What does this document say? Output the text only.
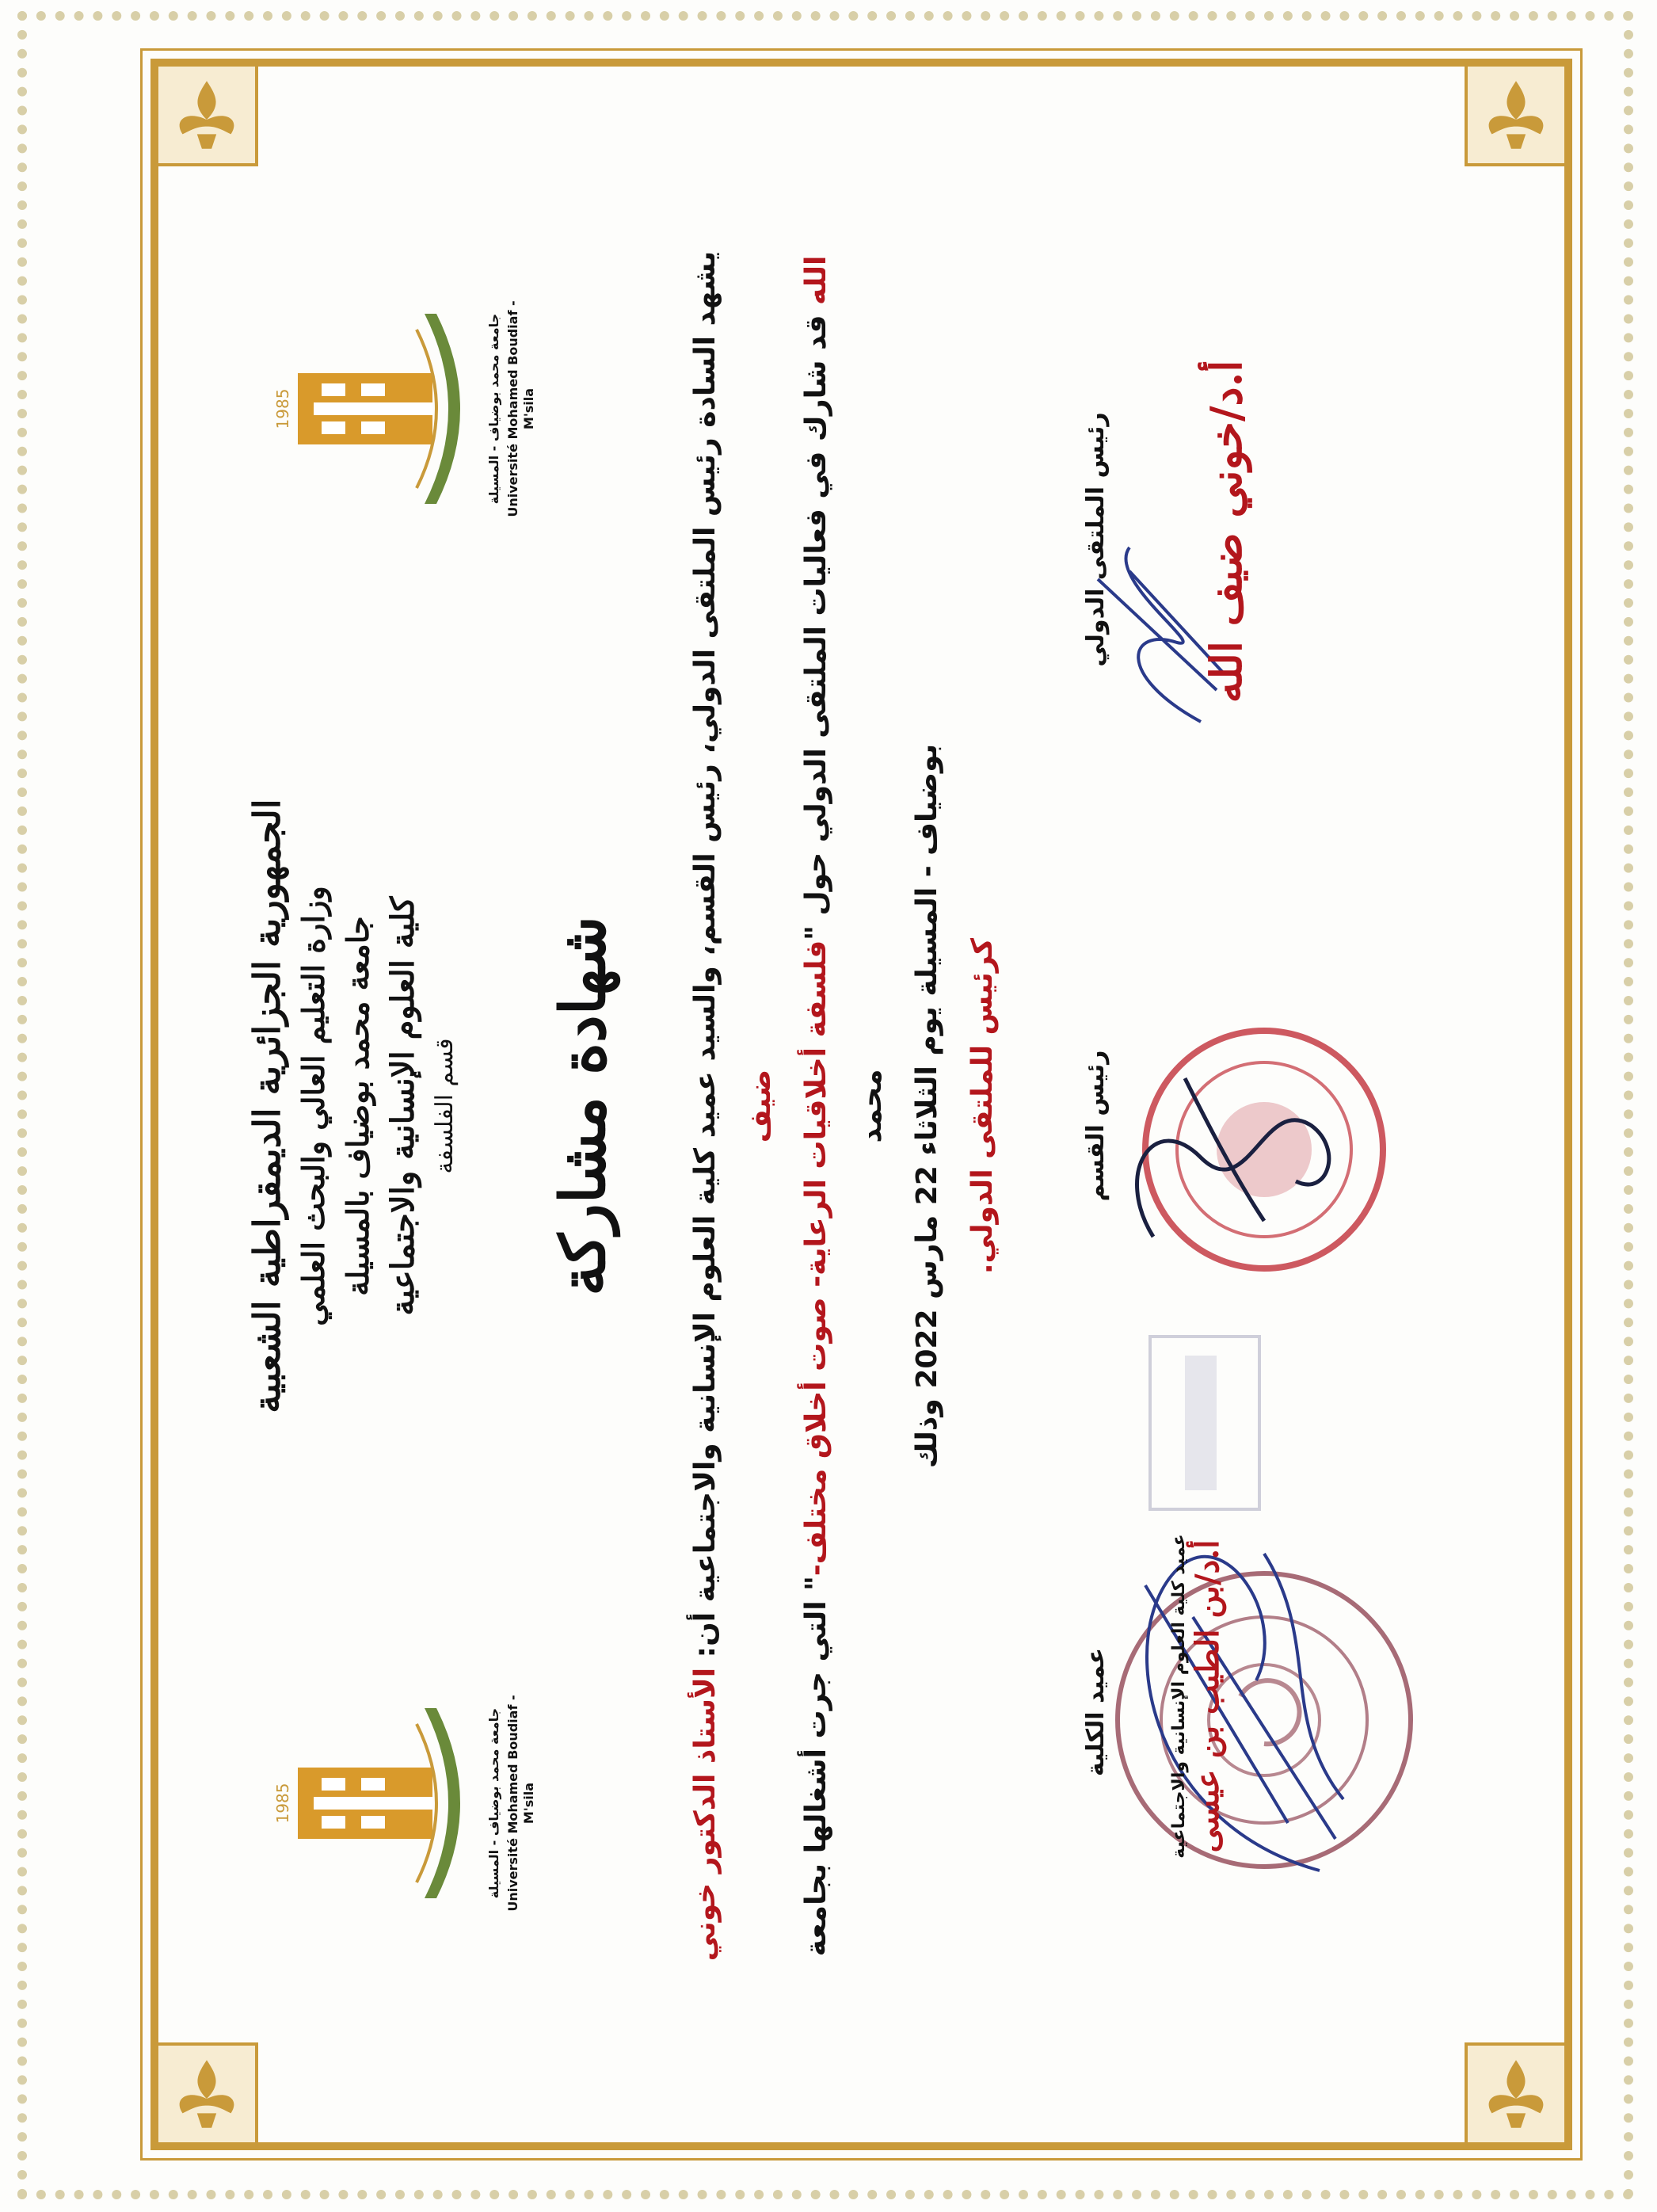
1985	جامعة محمد بوضياف - المسيلة Université Mohamed Boudiaf - M'sila
1985	جامعة محمد بوضياف - المسيلة Université Mohamed Boudiaf - M'sila
الجمهورية الجزائرية الديمقراطية الشعبية وزارة التعليم العالي والبحث العلمي جامعة محمد بوضياف بالمسيلة كلية العلوم الإنسانية والاجتماعية قسم الفلسفة شهادة مشاركة	يشهد السادة رئيس الملتقى الدولي، رئيس القسم، والسيد عميد كلية العلوم الإنسانية والاجتماعية أن: الأستاذ الدكتور خوني ضيف
الله قد شارك في فعاليات الملتقى الدولي حول "فلسفة أخلاقيات الرعاية- صوت أخلاق مختلف-" التي جرت أشغالها بجامعة محمد
بوضياف - المسيلة يوم الثلاثاء 22 مارس 2022 وذلك كرئيس للملتقى الدولي.
رئيس الملتقى الدولي
رئيس القسم
عميد الكلية
أ.د/خوني ضيف الله
عميد كلية العلوم الإنسانية والاجتماعية أ.د/بن الطيب بن عيسى
